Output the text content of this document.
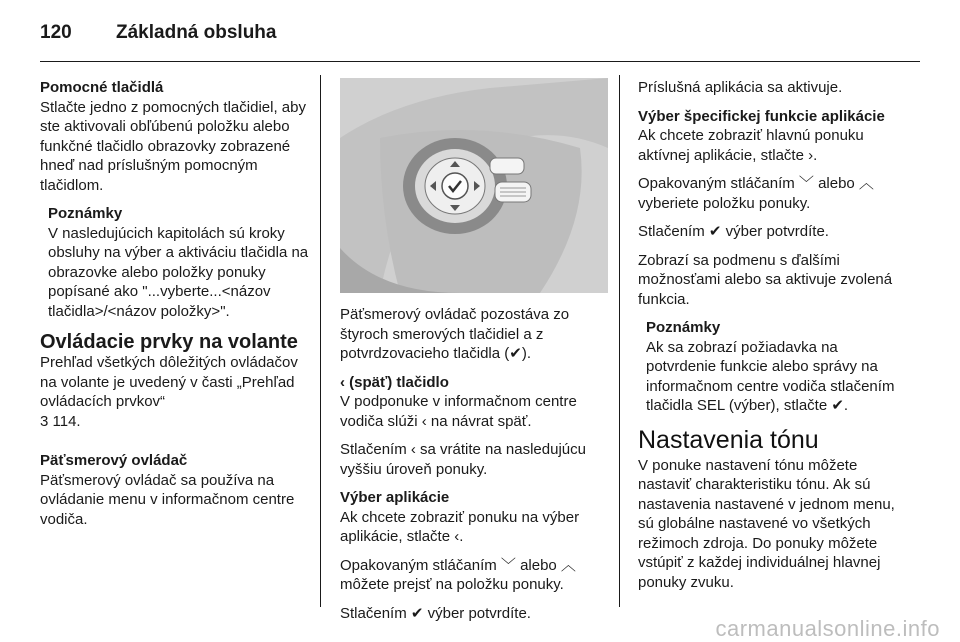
120 Základná obsluha
Pomocné tlačidlá

Stlačte jedno z pomocných tlačidiel, aby ste aktivovali obľúbenú položku alebo funkčné tlačidlo obrazovky zobrazené hneď nad príslušným pomocným tlačidlom.

Poznámky
V nasledujúcich kapitolách sú kroky obsluhy na výber a aktiváciu tlačidla na obrazovke alebo položky ponuky popísané ako "...vyberte...<názov tlačidla>/<názov položky>".
Ovládacie prvky na volante
Prehľad všetkých dôležitých ovládačov na volante je uvedený v časti „Prehľad ovládacích prvkov“

3 114.

Päťsmerový ovládač

Päťsmerový ovládač sa používa na ovládanie menu v informačnom centre vodiča.

Päťsmerový ovládač pozostáva zo štyroch smerových tlačidiel a z potvrdzovacieho tlačidla (✔).

‹ (späť) tlačidlo

V podponuke v informačnom centre vodiča slúži ‹ na návrat späť.

Stlačením ‹ sa vrátite na nasledujúcu vyššiu úroveň ponuky.

Výber aplikácie

Ak chcete zobraziť ponuku na výber aplikácie, stlačte ‹.

Opakovaným stláčaním ﹀ alebo ︿ môžete prejsť na položku ponuky.

Stlačením ✔ výber potvrdíte.

Príslušná aplikácia sa aktivuje.

Výber špecifickej funkcie aplikácie

Ak chcete zobraziť hlavnú ponuku aktívnej aplikácie, stlačte ›.

Opakovaným stláčaním ﹀ alebo ︿ vyberiete položku ponuky.

Stlačením ✔ výber potvrdíte.

Zobrazí sa podmenu s ďalšími možnosťami alebo sa aktivuje zvolená funkcia.

Poznámky
Ak sa zobrazí požiadavka na potvrdenie funkcie alebo správy na informačnom centre vodiča stlačením tlačidla SEL (výber), stlačte ✔.
Nastavenia tónu

V ponuke nastavení tónu môžete nastaviť charakteristiku tónu. Ak sú nastavenia nastavené v jednom menu, sú globálne nastavené vo všetkých režimoch zdroja. Do ponuky môžete vstúpiť z každej individuálnej hlavnej ponuky zvuku.

carmanualsonline.info
